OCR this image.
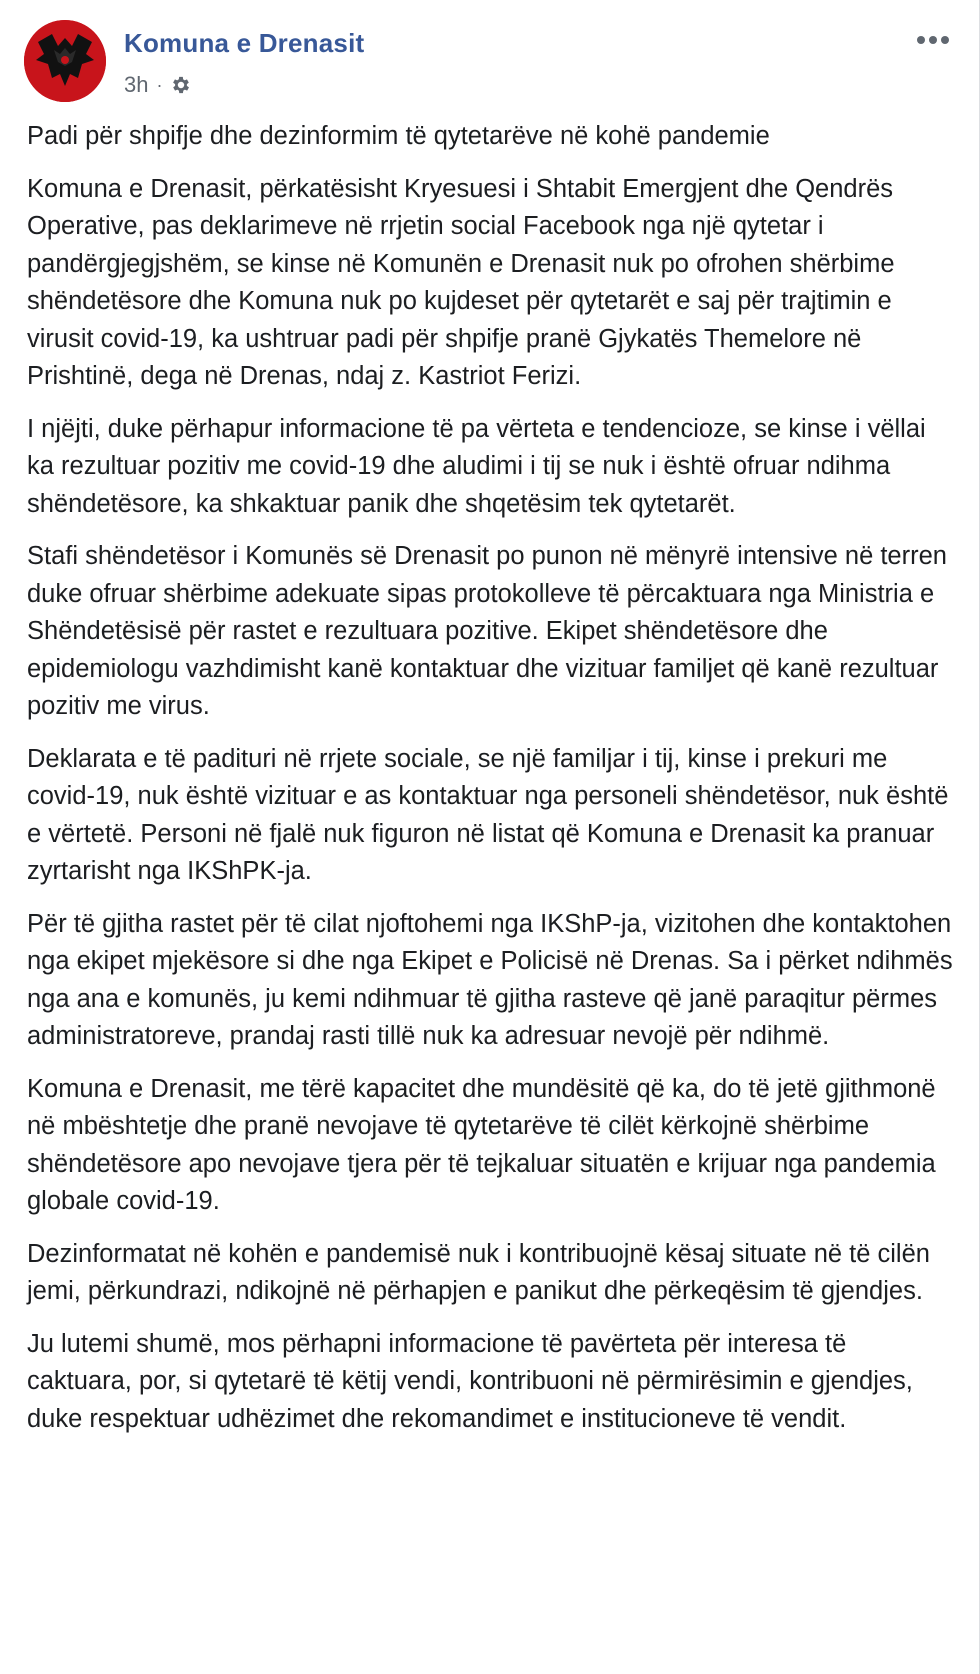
Komuna e Drenasit
3h ·

Padi për shpifje dhe dezinformim të qytetarëve në kohë pandemie

Komuna e Drenasit, përkatësisht Kryesuesi i Shtabit Emergjent dhe Qendrës Operative, pas deklarimeve në rrjetin social Facebook nga një qytetar i pandërgjegjshëm, se kinse në Komunën e Drenasit nuk po ofrohen shërbime shëndetësore dhe Komuna nuk po kujdeset për qytetarët e saj për trajtimin e virusit covid-19, ka ushtruar padi për shpifje pranë Gjykatës Themelore në Prishtinë, dega në Drenas, ndaj z. Kastriot Ferizi.

I njëjti, duke përhapur informacione të pa vërteta e tendencioze, se kinse i vëllai ka rezultuar pozitiv me covid-19 dhe aludimi i tij se nuk i është ofruar ndihma shëndetësore, ka shkaktuar panik dhe shqetësim tek qytetarët.

Stafi shëndetësor i Komunës së Drenasit po punon në mënyrë intensive në terren duke ofruar shërbime adekuate sipas protokolleve të përcaktuara nga Ministria e Shëndetësisë për rastet e rezultuara pozitive. Ekipet shëndetësore dhe epidemiologu vazhdimisht kanë kontaktuar dhe vizituar familjet që kanë rezultuar pozitiv me virus.

Deklarata e të padituri në rrjete sociale, se një familjar i tij, kinse i prekuri me covid-19, nuk është vizituar e as kontaktuar nga personeli shëndetësor, nuk është e vërtetë. Personi në fjalë nuk figuron në listat që Komuna e Drenasit ka pranuar zyrtarisht nga IKShPK-ja.

Për të gjitha rastet për të cilat njoftohemi nga IKShP-ja, vizitohen dhe kontaktohen nga ekipet mjekësore si dhe nga Ekipet e Policisë në Drenas. Sa i përket ndihmës nga ana e komunës, ju kemi ndihmuar të gjitha rasteve që janë paraqitur përmes administratoreve, prandaj rasti tillë nuk ka adresuar nevojë për ndihmë.

Komuna e Drenasit, me tërë kapacitet dhe mundësitë që ka, do të jetë gjithmonë në mbështetje dhe pranë nevojave të qytetarëve të cilët kërkojnë shërbime shëndetësore apo nevojave tjera për të tejkaluar situatën e krijuar nga pandemia globale covid-19.

Dezinformatat në kohën e pandemisë nuk i kontribuojnë kësaj situate në të cilën jemi, përkundrazi, ndikojnë në përhapjen e panikut dhe përkeqësim të gjendjes.

Ju lutemi shumë, mos përhapni informacione të pavërteta për interesa të caktuara, por, si qytetarë të këtij vendi, kontribuoni në përmirësimin e gjendjes, duke respektuar udhëzimet dhe rekomandimet e institucioneve të vendit.
